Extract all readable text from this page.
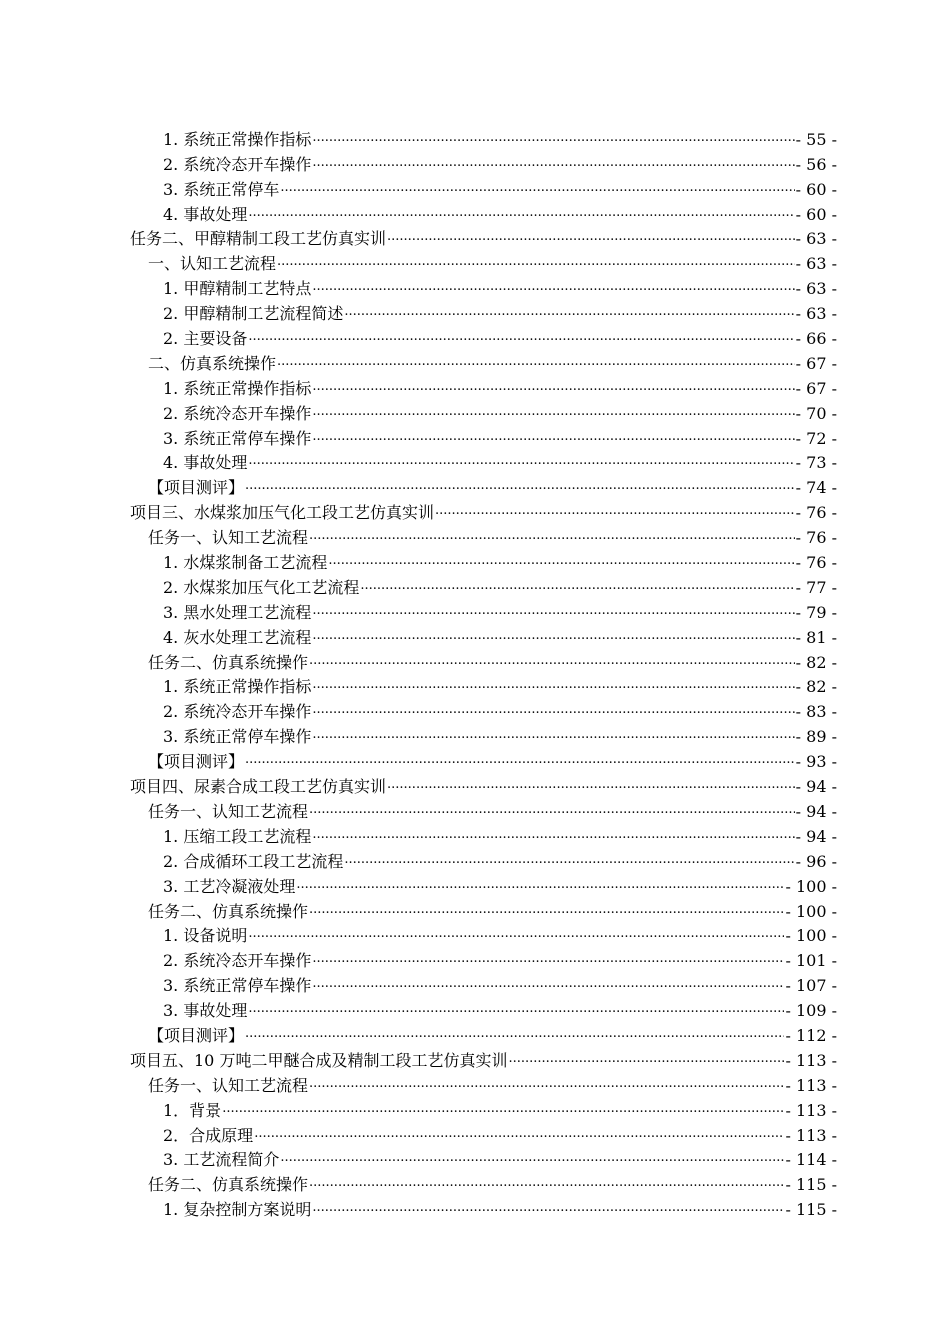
1. 系统正常操作指标 .....	- 55 -
2. 系统冷态开车操作 .....	- 56 -
3. 系统正常停车 .....	- 60 -
4. 事故处理 .....	- 60 -
任务二、甲醇精制工段工艺仿真实训 .....	- 63 -
一、认知工艺流程 .....	- 63 -
1. 甲醇精制工艺特点 .....	- 63 -
2. 甲醇精制工艺流程简述 .....	- 63 -
2. 主要设备 .....	- 66 -
二、仿真系统操作 .....	- 67 -
1. 系统正常操作指标 .....	- 67 -
2. 系统冷态开车操作 .....	- 70 -
3. 系统正常停车操作 .....	- 72 -
4. 事故处理 .....	- 73 -
【项目测评】 .....	- 74 -
项目三、水煤浆加压气化工段工艺仿真实训 .....	- 76 -
任务一、认知工艺流程 .....	- 76 -
1. 水煤浆制备工艺流程 .....	- 76 -
2. 水煤浆加压气化工艺流程 .....	- 77 -
3. 黑水处理工艺流程 .....	- 79 -
4. 灰水处理工艺流程 .....	- 81 -
任务二、仿真系统操作 .....	- 82 -
1. 系统正常操作指标 .....	- 82 -
2. 系统冷态开车操作 .....	- 83 -
3. 系统正常停车操作 .....	- 89 -
【项目测评】 .....	- 93 -
项目四、尿素合成工段工艺仿真实训 .....	- 94 -
任务一、认知工艺流程 .....	- 94 -
1. 压缩工段工艺流程 .....	- 94 -
2. 合成循环工段工艺流程 .....	- 96 -
3. 工艺冷凝液处理 .....	- 100 -
任务二、仿真系统操作 .....	- 100 -
1. 设备说明 .....	- 100 -
2. 系统冷态开车操作 .....	- 101 -
3. 系统正常停车操作 .....	- 107 -
3. 事故处理 .....	- 109 -
【项目测评】 .....	- 112 -
项目五、10 万吨二甲醚合成及精制工段工艺仿真实训 .....	- 113 -
任务一、认知工艺流程 .....	- 113 -
1．背景 .....	- 113 -
2．合成原理 .....	- 113 -
3. 工艺流程简介 .....	- 114 -
任务二、仿真系统操作 .....	- 115 -
1. 复杂控制方案说明 .....	- 115 -
